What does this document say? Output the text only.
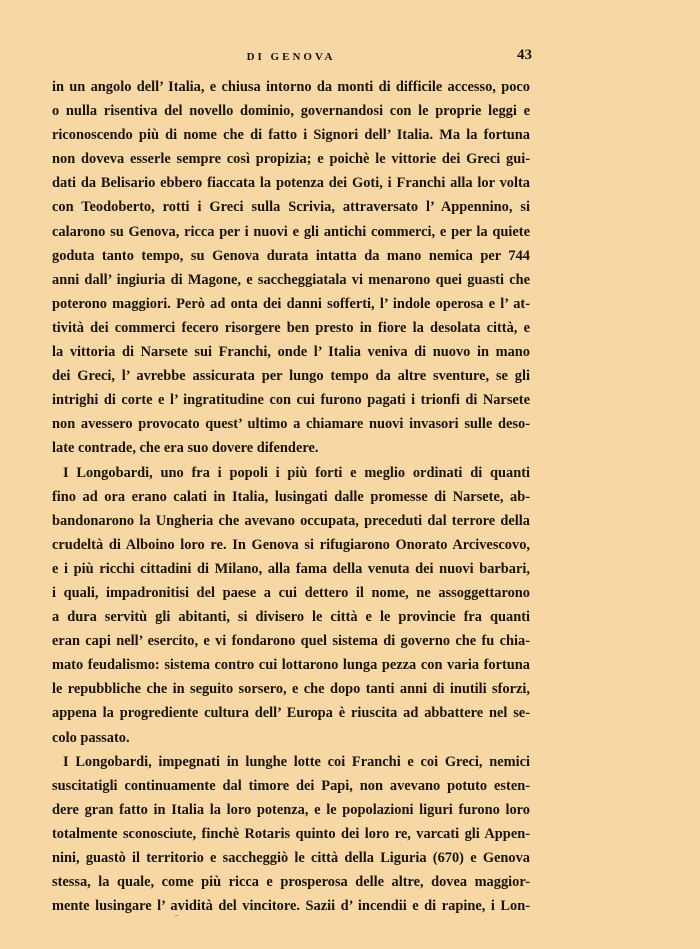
DI GENOVA	43
in un angolo dell’ Italia, e chiusa intorno da monti di difficile accesso, poco
o nulla risentiva del novello dominio, governandosi con le proprie leggi e
riconoscendo più di nome che di fatto i Signori dell’ Italia. Ma la fortuna
non doveva esserle sempre così propizia; e poichè le vittorie dei Greci gui-
dati da Belisario ebbero fiaccata la potenza dei Goti, i Franchi alla lor volta
con Teodoberto, rotti i Greci sulla Scrivia, attraversato l’ Appennino, si
calarono su Genova, ricca per i nuovi e gli antichi commerci, e per la quiete
goduta tanto tempo, su Genova durata intatta da mano nemica per 744
anni dall’ ingiuria di Magone, e saccheggiatala vi menarono quei guasti che
poterono maggiori. Però ad onta dei danni sofferti, l’ indole operosa e l’ at-
tività dei commerci fecero risorgere ben presto in fiore la desolata città, e
la vittoria di Narsete sui Franchi, onde l’ Italia veniva di nuovo in mano
dei Greci, l’ avrebbe assicurata per lungo tempo da altre sventure, se gli
intrighi di corte e l’ ingratitudine con cui furono pagati i trionfi di Narsete
non avessero provocato quest’ ultimo a chiamare nuovi invasori sulle deso-
late contrade, che era suo dovere difendere.
I Longobardi, uno fra i popoli i più forti e meglio ordinati di quanti
fino ad ora erano calati in Italia, lusingati dalle promesse di Narsete, ab-
bandonarono la Ungheria che avevano occupata, preceduti dal terrore della
crudeltà di Alboino loro re. In Genova si rifugiarono Onorato Arcivescovo,
e i più ricchi cittadini di Milano, alla fama della venuta dei nuovi barbari,
i quali, impadronitisi del paese a cui dettero il nome, ne assoggettarono
a dura servitù gli abitanti, si divisero le città e le provincie fra quanti
eran capi nell’ esercito, e vi fondarono quel sistema di governo che fu chia-
mato feudalismo: sistema contro cui lottarono lunga pezza con varia fortuna
le repubbliche che in seguito sorsero, e che dopo tanti anni di inutili sforzi,
appena la progrediente cultura dell’ Europa è riuscita ad abbattere nel se-
colo passato.
I Longobardi, impegnati in lunghe lotte coi Franchi e coi Greci, nemici
suscitatigli continuamente dal timore dei Papi, non avevano potuto esten-
dere gran fatto in Italia la loro potenza, e le popolazioni liguri furono loro
totalmente sconosciute, finchè Rotaris quinto dei loro re, varcati gli Appen-
nini, guastò il territorio e saccheggiò le città della Liguria (670) e Genova
stessa, la quale, come più ricca e prosperosa delle altre, dovea maggior-
mente lusingare l’ avidità del vincitore. Sazii d’ incendii e di rapine, i Lon-
